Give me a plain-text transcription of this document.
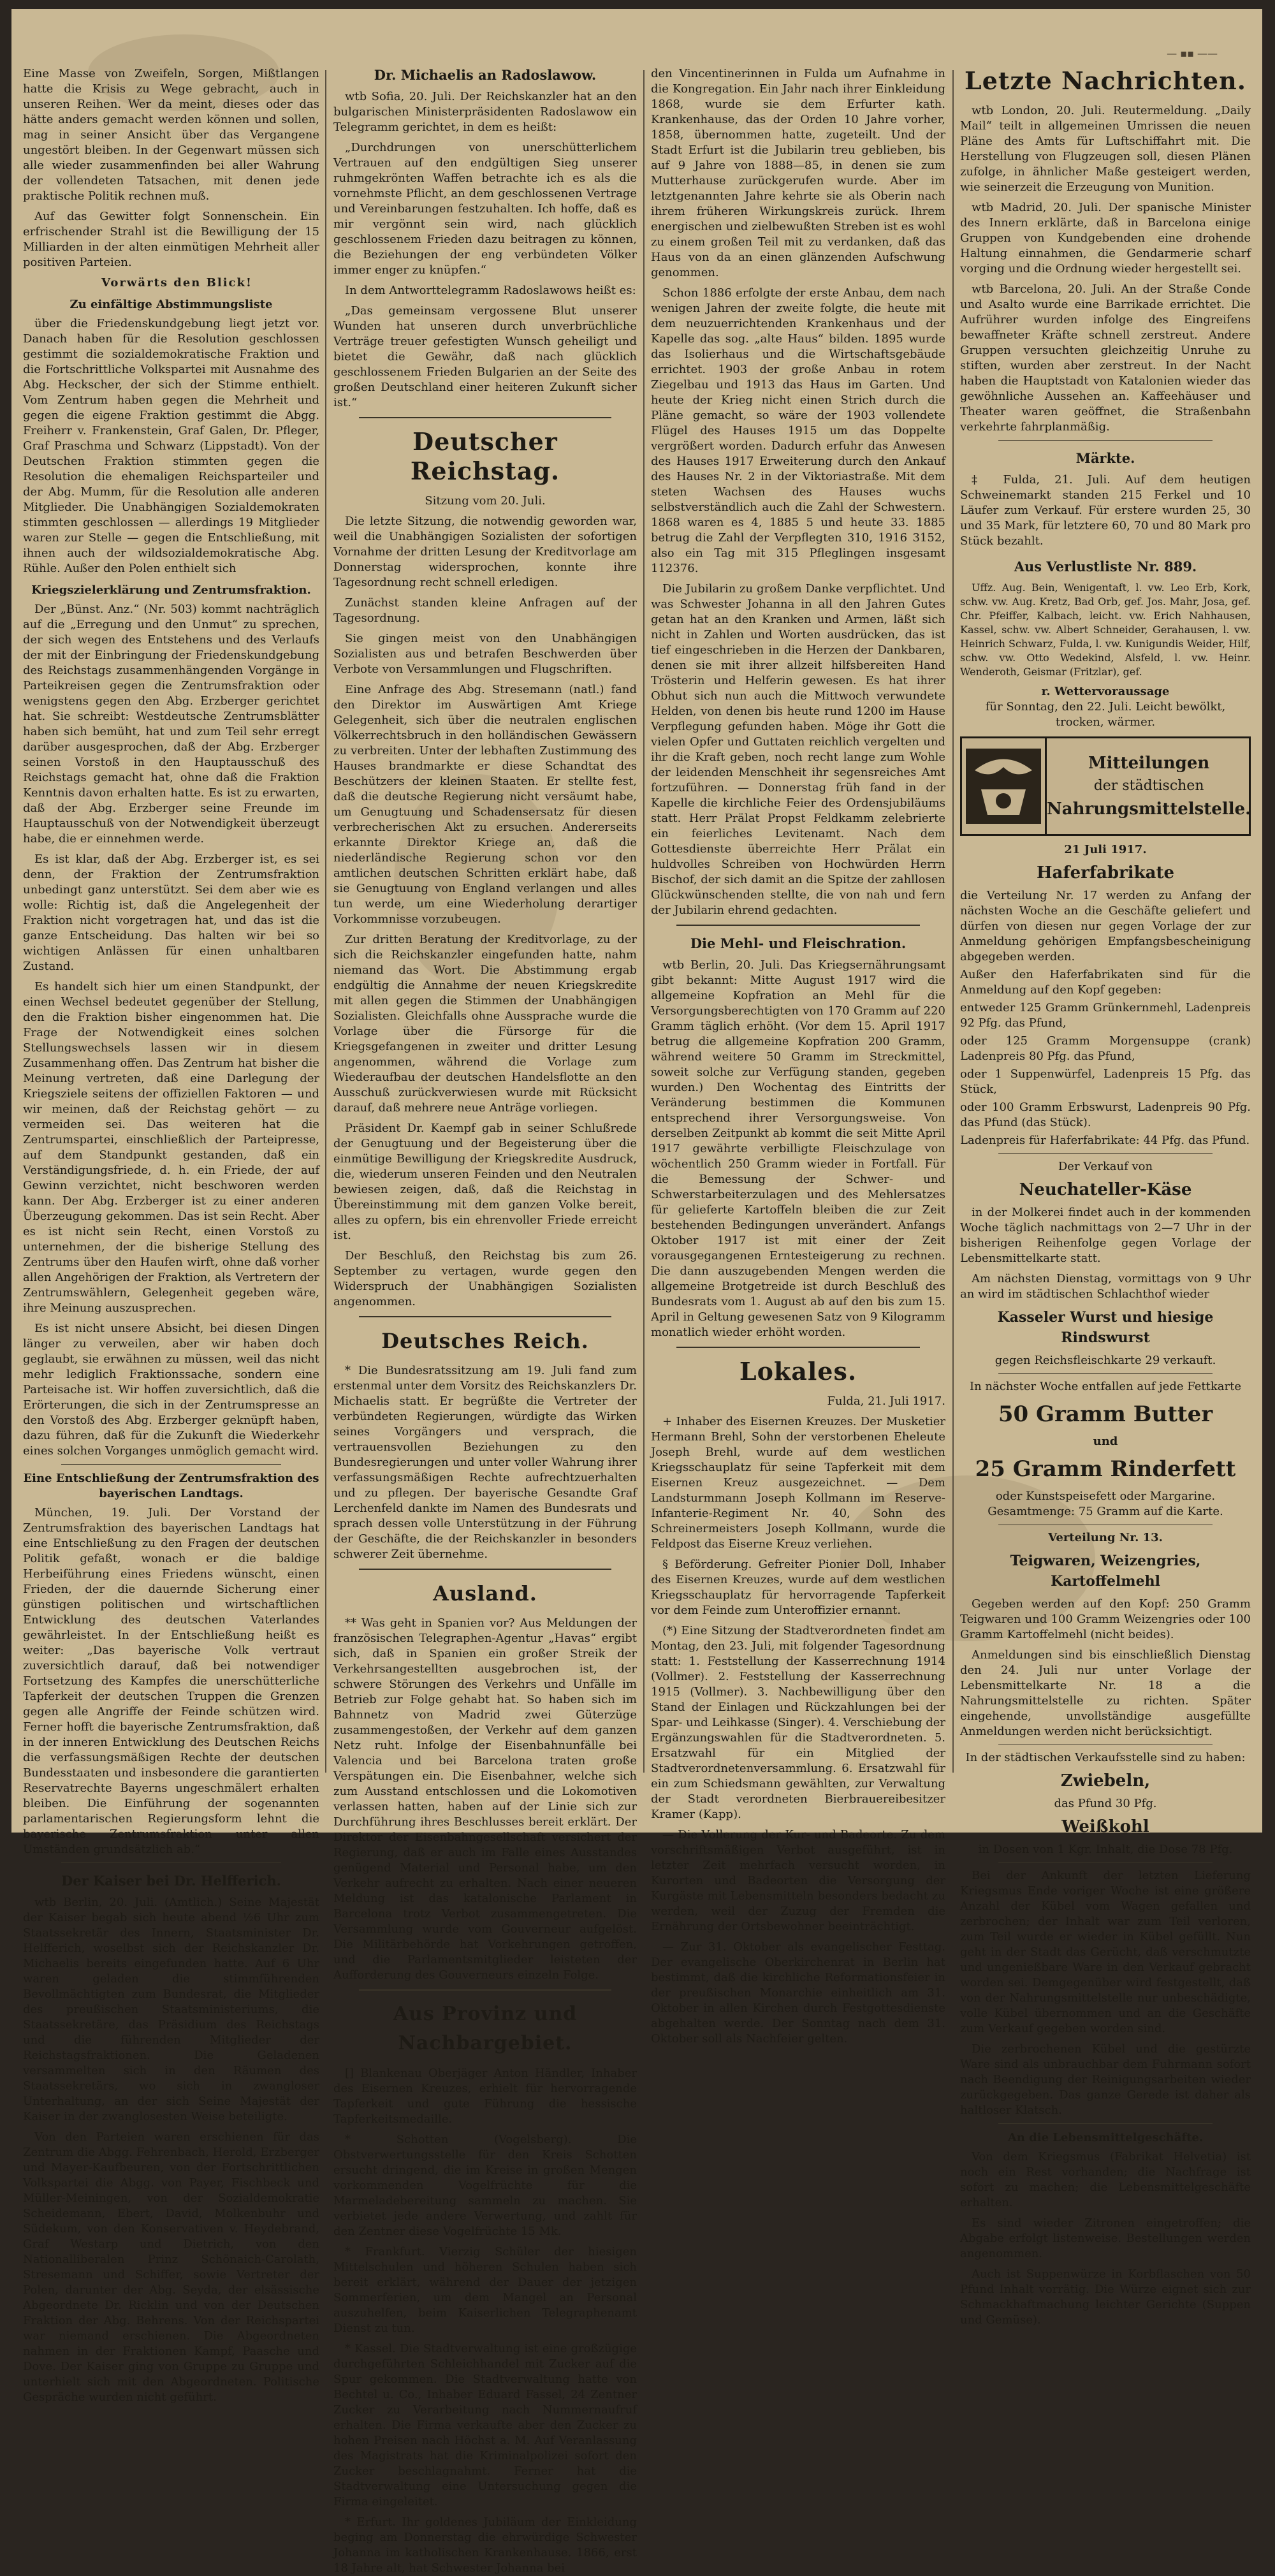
— ▪▪ ——

Eine Masse von Zweifeln, Sorgen, Mißtlangen hatte die Krisis zu Wege gebracht, auch in unseren Reihen. Wer da meint, dieses oder das hätte anders gemacht werden können und sollen, mag in seiner Ansicht über das Vergangene ungestört bleiben. In der Gegenwart müssen sich alle wieder zusammenfinden bei aller Wahrung der vollendeten Tatsachen, mit denen jede praktische Politik rechnen muß.

Auf das Gewitter folgt Sonnenschein. Ein erfrischender Strahl ist die Bewilligung der 15 Milliarden in der alten einmütigen Mehrheit aller positiven Parteien.

Vorwärts den Blick!

Zu einfältige Abstimmungsliste

über die Friedenskundgebung liegt jetzt vor. Danach haben für die Resolution geschlossen gestimmt die sozialdemokratische Fraktion und die Fortschrittliche Volkspartei mit Ausnahme des Abg. Heckscher, der sich der Stimme enthielt. Vom Zentrum haben gegen die Mehrheit und gegen die eigene Fraktion gestimmt die Abgg. Freiherr v. Frankenstein, Graf Galen, Dr. Pfleger, Graf Praschma und Schwarz (Lippstadt). Von der Deutschen Fraktion stimmten gegen die Resolution die ehemaligen Reichsparteiler und der Abg. Mumm, für die Resolution alle anderen Mitglieder. Die Unabhängigen Sozialdemokraten stimmten geschlossen — allerdings 19 Mitglieder waren zur Stelle — gegen die Entschließung, mit ihnen auch der wildsozialdemokratische Abg. Rühle. Außer den Polen enthielt sich

Kriegszielerklärung und Zentrumsfraktion.

Der „Bünst. Anz.“ (Nr. 503) kommt nachträglich auf die „Erregung und den Unmut“ zu sprechen, der sich wegen des Entstehens und des Verlaufs der mit der Einbringung der Friedenskundgebung des Reichstags zusammenhängenden Vorgänge in Parteikreisen gegen die Zentrumsfraktion oder wenigstens gegen den Abg. Erzberger gerichtet hat. Sie schreibt: Westdeutsche Zentrumsblätter haben sich bemüht, hat und zum Teil sehr erregt darüber ausgesprochen, daß der Abg. Erzberger seinen Vorstoß in den Hauptausschuß des Reichstags gemacht hat, ohne daß die Fraktion Kenntnis davon erhalten hatte. Es ist zu erwarten, daß der Abg. Erzberger seine Freunde im Hauptausschuß von der Notwendigkeit überzeugt habe, die er einnehmen werde.

Es ist klar, daß der Abg. Erzberger ist, es sei denn, der Fraktion der Zentrumsfraktion unbedingt ganz unterstützt. Sei dem aber wie es wolle: Richtig ist, daß die Angelegenheit der Fraktion nicht vorgetragen hat, und das ist die ganze Entscheidung. Das halten wir bei so wichtigen Anlässen für einen unhaltbaren Zustand.

Es handelt sich hier um einen Standpunkt, der einen Wechsel bedeutet gegenüber der Stellung, den die Fraktion bisher eingenommen hat. Die Frage der Notwendigkeit eines solchen Stellungswechsels lassen wir in diesem Zusammenhang offen. Das Zentrum hat bisher die Meinung vertreten, daß eine Darlegung der Kriegsziele seitens der offiziellen Faktoren — und wir meinen, daß der Reichstag gehört — zu vermeiden sei. Das weiteren hat die Zentrumspartei, einschließlich der Parteipresse, auf dem Standpunkt gestanden, daß ein Verständigungsfriede, d. h. ein Friede, der auf Gewinn verzichtet, nicht beschworen werden kann. Der Abg. Erzberger ist zu einer anderen Überzeugung gekommen. Das ist sein Recht. Aber es ist nicht sein Recht, einen Vorstoß zu unternehmen, der die bisherige Stellung des Zentrums über den Haufen wirft, ohne daß vorher allen Angehörigen der Fraktion, als Vertretern der Zentrumswählern, Gelegenheit gegeben wäre, ihre Meinung auszusprechen.

Es ist nicht unsere Absicht, bei diesen Dingen länger zu verweilen, aber wir haben doch geglaubt, sie erwähnen zu müssen, weil das nicht mehr lediglich Fraktionssache, sondern eine Parteisache ist. Wir hoffen zuversichtlich, daß die Erörterungen, die sich in der Zentrumspresse an den Vorstoß des Abg. Erzberger geknüpft haben, dazu führen, daß für die Zukunft die Wiederkehr eines solchen Vorganges unmöglich gemacht wird.

Eine Entschließung der Zentrumsfraktion des bayerischen Landtags.

München, 19. Juli. Der Vorstand der Zentrumsfraktion des bayerischen Landtags hat eine Entschließung zu den Fragen der deutschen Politik gefaßt, wonach er die baldige Herbeiführung eines Friedens wünscht, einen Frieden, der die dauernde Sicherung einer günstigen politischen und wirtschaftlichen Entwicklung des deutschen Vaterlandes gewährleistet. In der Entschließung heißt es weiter: „Das bayerische Volk vertraut zuversichtlich darauf, daß bei notwendiger Fortsetzung des Kampfes die unerschütterliche Tapferkeit der deutschen Truppen die Grenzen gegen alle Angriffe der Feinde schützen wird. Ferner hofft die bayerische Zentrumsfraktion, daß in der inneren Entwicklung des Deutschen Reichs die verfassungsmäßigen Rechte der deutschen Bundesstaaten und insbesondere die garantierten Reservatrechte Bayerns ungeschmälert erhalten bleiben. Die Einführung der sogenannten parlamentarischen Regierungsform lehnt die bayerische Zentrumsfraktion unter allen Umständen grundsätzlich ab.“

Der Kaiser bei Dr. Helfferich.

wtb Berlin, 20. Juli. (Amtlich.) Seine Majestät der Kaiser begab sich heute abend ½6 Uhr zum Staatssekretär des Innern, Staatsminister Dr. Helfferich, woselbst sich der Reichskanzler Dr. Michaelis bereits eingefunden hatte. Auf 6 Uhr waren geladen die stimmführenden Bevollmächtigten zum Bundesrat, die Mitglieder des preußischen Staatsministeriums, die Staatssekretäre, das Präsidium des Reichstags und die führenden Mitglieder der Reichstagsfraktionen. Die Geladenen versammelten sich in den Räumen des Staatssekretärs, wo sich in zwangloser Unterhaltung, an der sich Seine Majestät der Kaiser in der zwanglosesten Weise beteiligte.

Von den Parteien waren erschienen für das Zentrum die Abgg. Fehrenbach, Herold, Erzberger und Mayer-Kaufbeuren, von der Fortschrittlichen Volkspartei die Abgg. von Payer, Fischbeck und Müller-Meiningen, von der Sozialdemokratie Scheidemann, Ebert, David, Molkenbuhr und Südekum, von den Konservativen v. Heydebrand, Graf Westarp und Dietrich, von den Nationalliberalen Prinz Schönaich-Carolath, Stresemann und Schiffer, sowie Vertreter der Polen, darunter der Abg. Seyda, der elsässische Abgeordnete Dr. Ricklin und von der Deutschen Fraktion der Abg. Behrens. Von der Reichspartei war niemand erschienen. Die Abgeordneten nahmen in der Fraktionen Kampf, Paasche und Dove. Der Kaiser ging von Gruppe zu Gruppe und unterhielt sich mit den Abgeordneten. Politische Gespräche wurden nicht geführt.

Dr. Michaelis an Radoslawow.

wtb Sofia, 20. Juli. Der Reichskanzler hat an den bulgarischen Ministerpräsidenten Radoslawow ein Telegramm gerichtet, in dem es heißt:

„Durchdrungen von unerschütterlichem Vertrauen auf den endgültigen Sieg unserer ruhmgekrönten Waffen betrachte ich es als die vornehmste Pflicht, an dem geschlossenen Vertrage und Vereinbarungen festzuhalten. Ich hoffe, daß es mir vergönnt sein wird, nach glücklich geschlossenem Frieden dazu beitragen zu können, die Beziehungen der eng verbündeten Völker immer enger zu knüpfen.“

In dem Antworttelegramm Radoslawows heißt es:

„Das gemeinsam vergossene Blut unserer Wunden hat unseren durch unverbrüchliche Verträge treuer gefestigten Wunsch geheiligt und bietet die Gewähr, daß nach glücklich geschlossenem Frieden Bulgarien an der Seite des großen Deutschland einer heiteren Zukunft sicher ist.“

Deutscher Reichstag.
Sitzung vom 20. Juli.

Die letzte Sitzung, die notwendig geworden war, weil die Unabhängigen Sozialisten der sofortigen Vornahme der dritten Lesung der Kreditvorlage am Donnerstag widersprochen, konnte ihre Tagesordnung recht schnell erledigen.

Zunächst standen kleine Anfragen auf der Tagesordnung.

Sie gingen meist von den Unabhängigen Sozialisten aus und betrafen Beschwerden über Verbote von Versammlungen und Flugschriften.

Eine Anfrage des Abg. Stresemann (natl.) fand den Direktor im Auswärtigen Amt Kriege Gelegenheit, sich über die neutralen englischen Völkerrechtsbruch in den holländischen Gewässern zu verbreiten. Unter der lebhaften Zustimmung des Hauses brandmarkte er diese Schandtat des Beschützers der kleinen Staaten. Er stellte fest, daß die deutsche Regierung nicht versäumt habe, um Genugtuung und Schadensersatz für diesen verbrecherischen Akt zu ersuchen. Andererseits erkannte Direktor Kriege an, daß die niederländische Regierung schon vor den amtlichen deutschen Schritten erklärt habe, daß sie Genugtuung von England verlangen und alles tun werde, um eine Wiederholung derartiger Vorkommnisse vorzubeugen.

Zur dritten Beratung der Kreditvorlage, zu der sich die Reichskanzler eingefunden hatte, nahm niemand das Wort. Die Abstimmung ergab endgültig die Annahme der neuen Kriegskredite mit allen gegen die Stimmen der Unabhängigen Sozialisten. Gleichfalls ohne Aussprache wurde die Vorlage über die Fürsorge für die Kriegsgefangenen in zweiter und dritter Lesung angenommen, während die Vorlage zum Wiederaufbau der deutschen Handelsflotte an den Ausschuß zurückverwiesen wurde mit Rücksicht darauf, daß mehrere neue Anträge vorliegen.

Präsident Dr. Kaempf gab in seiner Schlußrede der Genugtuung und der Begeisterung über die einmütige Bewilligung der Kriegskredite Ausdruck, die, wiederum unseren Feinden und den Neutralen bewiesen zeigen, daß, daß die Reichstag in Übereinstimmung mit dem ganzen Volke bereit, alles zu opfern, bis ein ehrenvoller Friede erreicht ist.

Der Beschluß, den Reichstag bis zum 26. September zu vertagen, wurde gegen den Widerspruch der Unabhängigen Sozialisten angenommen.

Deutsches Reich.

* Die Bundesratssitzung am 19. Juli fand zum erstenmal unter dem Vorsitz des Reichskanzlers Dr. Michaelis statt. Er begrüßte die Vertreter der verbündeten Regierungen, würdigte das Wirken seines Vorgängers und versprach, die vertrauensvollen Beziehungen zu den Bundesregierungen und unter voller Wahrung ihrer verfassungsmäßigen Rechte aufrechtzuerhalten und zu pflegen. Der bayerische Gesandte Graf Lerchenfeld dankte im Namen des Bundesrats und sprach dessen volle Unterstützung in der Führung der Geschäfte, die der Reichskanzler in besonders schwerer Zeit übernehme.

Ausland.

** Was geht in Spanien vor? Aus Meldungen der französischen Telegraphen-Agentur „Havas“ ergibt sich, daß in Spanien ein großer Streik der Verkehrsangestellten ausgebrochen ist, der schwere Störungen des Verkehrs und Unfälle im Betrieb zur Folge gehabt hat. So haben sich im Bahnnetz von Madrid zwei Güterzüge zusammengestoßen, der Verkehr auf dem ganzen Netz ruht. Infolge der Eisenbahnunfälle bei Valencia und bei Barcelona traten große Verspätungen ein. Die Eisenbahner, welche sich zum Ausstand entschlossen und die Lokomotiven verlassen hatten, haben auf der Linie sich zur Durchführung ihres Beschlusses bereit erklärt. Der Direktor der Eisenbahngesellschaft versichert der Regierung, daß er auch im Falle eines Ausstandes genügend Material und Personal habe, um den Verkehr aufrecht zu erhalten. Nach einer neueren Meldung ist das katalonische Parlament in Barcelona trotz Verbot zusammengetreten. Die Versammlung wurde vom Gouverneur aufgelöst. Die Militärbehörde hat Vorkehrungen getroffen, und die Parlamentsmitglieder leisteten der Aufforderung des Gouverneurs einzeln Folge.

Aus Provinz und Nachbargebiet.

[] Blankenau Oberjäger Anton Händler, Inhaber des Eisernen Kreuzes, erhielt für hervorragende Tapferkeit und gute Führung die hessische Tapferkeitsmedaille.

* Schotten (Vogelsberg). Die Obstverwertungsstelle für den Kreis Schotten ersucht dringend, die im Kreise in großen Mengen vorkommenden Vogelfrüchte für die Marmeladebereitung sammeln zu machen. Sie verbietet jede andere Verwertung, und zahlt für den Zentner diese Vogelfrüchte 15 Mk.

* Frankfurt. Vierzig Schüler der hiesigen Mittelschulen und höheren Schulen haben sich bereit erklärt, während der Dauer der jetzigen Sommerferien, um dem Mangel an Personal auszuhelfen, beim Kaiserlichen Telegraphenamt Dienst zu tun.

* Kassel. Die Stadtverwaltung ist eine großzügige durchgeführten Schleichhandel mit Zucker auf die Spur gekommen. Die Stadtverwaltung hatte von Bechtel u. Co., Inhaber Eduard Fassel, 24 Zentner Zucker zu Verarbeitung nach Nummernaufruf erhalten. Die Firma verkaufte aber den Zucker zu hohen Preisen nach Höchst a. M. Auf Veranlassung des Magistrats hat die Kriminalpolizei sofort den Zucker beschlagnahmt. Ferner hat die Stadtverwaltung eine Untersuchung gegen die Firma eingeleitet.

* Erfurt. Ihr goldenes Jubiläum der Einkleidung beging am Donnerstag die ehrwürdige Schwester Johanna im katholischen Krankenhause. 1866, erst 18 Jahre alt, hat Schwester Johanna bei

den Vincentinerinnen in Fulda um Aufnahme in die Kongregation. Ein Jahr nach ihrer Einkleidung 1868, wurde sie dem Erfurter kath. Krankenhause, das der Orden 10 Jahre vorher, 1858, übernommen hatte, zugeteilt. Und der Stadt Erfurt ist die Jubilarin treu geblieben, bis auf 9 Jahre von 1888—85, in denen sie zum Mutterhause zurückgerufen wurde. Aber im letztgenannten Jahre kehrte sie als Oberin nach ihrem früheren Wirkungskreis zurück. Ihrem energischen und zielbewußten Streben ist es wohl zu einem großen Teil mit zu verdanken, daß das Haus von da an einen glänzenden Aufschwung genommen.

Schon 1886 erfolgte der erste Anbau, dem nach wenigen Jahren der zweite folgte, die heute mit dem neuzuerrichtenden Krankenhaus und der Kapelle das sog. „alte Haus“ bilden. 1895 wurde das Isolierhaus und die Wirtschaftsgebäude errichtet. 1903 der große Anbau in rotem Ziegelbau und 1913 das Haus im Garten. Und heute der Krieg nicht einen Strich durch die Pläne gemacht, so wäre der 1903 vollendete Flügel des Hauses 1915 um das Doppelte vergrößert worden. Dadurch erfuhr das Anwesen des Hauses 1917 Erweiterung durch den Ankauf des Hauses Nr. 2 in der Viktoriastraße. Mit dem steten Wachsen des Hauses wuchs selbstverständlich auch die Zahl der Schwestern. 1868 waren es 4, 1885 5 und heute 33. 1885 betrug die Zahl der Verpflegten 310, 1916 3152, also ein Tag mit 315 Pfleglingen insgesamt 112376.

Die Jubilarin zu großem Danke verpflichtet. Und was Schwester Johanna in all den Jahren Gutes getan hat an den Kranken und Armen, läßt sich nicht in Zahlen und Worten ausdrücken, das ist tief eingeschrieben in die Herzen der Dankbaren, denen sie mit ihrer allzeit hilfsbereiten Hand Trösterin und Helferin gewesen. Es hat ihrer Obhut sich nun auch die Mittwoch verwundete Helden, von denen bis heute rund 1200 im Hause Verpflegung gefunden haben. Möge ihr Gott die vielen Opfer und Guttaten reichlich vergelten und ihr die Kraft geben, noch recht lange zum Wohle der leidenden Menschheit ihr segensreiches Amt fortzuführen. — Donnerstag früh fand in der Kapelle die kirchliche Feier des Ordensjubiläums statt. Herr Prälat Propst Feldkamm zelebrierte ein feierliches Levitenamt. Nach dem Gottesdienste überreichte Herr Prälat ein huldvolles Schreiben von Hochwürden Herrn Bischof, der sich damit an die Spitze der zahllosen Glückwünschenden stellte, die von nah und fern der Jubilarin ehrend gedachten.

Die Mehl- und Fleischration.

wtb Berlin, 20. Juli. Das Kriegsernährungsamt gibt bekannt: Mitte August 1917 wird die allgemeine Kopfration an Mehl für die Versorgungsberechtigten von 170 Gramm auf 220 Gramm täglich erhöht. (Vor dem 15. April 1917 betrug die allgemeine Kopfration 200 Gramm, während weitere 50 Gramm im Streckmittel, soweit solche zur Verfügung standen, gegeben wurden.) Den Wochentag des Eintritts der Veränderung bestimmen die Kommunen entsprechend ihrer Versorgungsweise. Von derselben Zeitpunkt ab kommt die seit Mitte April 1917 gewährte verbilligte Fleischzulage von wöchentlich 250 Gramm wieder in Fortfall. Für die Bemessung der Schwer- und Schwerstarbeiterzulagen und des Mehlersatzes für gelieferte Kartoffeln bleiben die zur Zeit bestehenden Bedingungen unverändert. Anfangs Oktober 1917 ist mit einer der Zeit vorausgegangenen Erntesteigerung zu rechnen. Die dann auszugebenden Mengen werden die allgemeine Brotgetreide ist durch Beschluß des Bundesrats vom 1. August ab auf den bis zum 15. April in Geltung gewesenen Satz von 9 Kilogramm monatlich wieder erhöht worden.

Lokales.
Fulda, 21. Juli 1917.

+ Inhaber des Eisernen Kreuzes. Der Musketier Hermann Brehl, Sohn der verstorbenen Eheleute Joseph Brehl, wurde auf dem westlichen Kriegsschauplatz für seine Tapferkeit mit dem Eisernen Kreuz ausgezeichnet. — Dem Landsturmmann Joseph Kollmann im Reserve-Infanterie-Regiment Nr. 40, Sohn des Schreinermeisters Joseph Kollmann, wurde die Feldpost das Eiserne Kreuz verliehen.

§ Beförderung. Gefreiter Pionier Doll, Inhaber des Eisernen Kreuzes, wurde auf dem westlichen Kriegsschauplatz für hervorragende Tapferkeit vor dem Feinde zum Unteroffizier ernannt.

(*) Eine Sitzung der Stadtverordneten findet am Montag, den 23. Juli, mit folgender Tagesordnung statt: 1. Feststellung der Kasserrechnung 1914 (Vollmer). 2. Feststellung der Kasserrechnung 1915 (Vollmer). 3. Nachbewilligung über den Stand der Einlagen und Rückzahlungen bei der Spar- und Leihkasse (Singer). 4. Verschiebung der Ergänzungswahlen für die Stadtverordneten. 5. Ersatzwahl für ein Mitglied der Stadtverordnetenversammlung. 6. Ersatzwahl für ein zum Schiedsmann gewählten, zur Verwaltung der Stadt verordneten Bierbrauereibesitzer Kramer (Kapp).

— Die Vollerung der Kur- und Badeorte. Zu dem vorschriftsmäßigen Verbot ausgeführt, ist in letzter Zeit mehrfach versucht worden, in Kurorten und Badeorten die Versorgung der Kurgäste mit Lebensmitteln besonders bedacht zu werden, weil der Zuzug der Fremden die Ernährung der Ortsbewohner beeinträchtigt.

— Zur 31. Oktober als evangelischer Festtag. Der evangelische Oberkirchenrat in Berlin hat bestimmt, daß die kirchliche Reformationsfeier in der preußischen Monarchie einheitlich am 31. Oktober in allen Kirchen durch Festgottesdienste abgehalten werde. Der Sonntag nach dem 31. Oktober soll als Nachfeier gelten.

Letzte Nachrichten.

wtb London, 20. Juli. Reutermeldung. „Daily Mail“ teilt in allgemeinen Umrissen die neuen Pläne des Amts für Luftschiffahrt mit. Die Herstellung von Flugzeugen soll, diesen Plänen zufolge, in ähnlicher Maße gesteigert werden, wie seinerzeit die Erzeugung von Munition.

wtb Madrid, 20. Juli. Der spanische Minister des Innern erklärte, daß in Barcelona einige Gruppen von Kundgebenden eine drohende Haltung einnahmen, die Gendarmerie scharf vorging und die Ordnung wieder hergestellt sei.

wtb Barcelona, 20. Juli. An der Straße Conde und Asalto wurde eine Barrikade errichtet. Die Aufrührer wurden infolge des Eingreifens bewaffneter Kräfte schnell zerstreut. Andere Gruppen versuchten gleichzeitig Unruhe zu stiften, wurden aber zerstreut. In der Nacht haben die Hauptstadt von Katalonien wieder das gewöhnliche Aussehen an. Kaffeehäuser und Theater waren geöffnet, die Straßenbahn verkehrte fahrplanmäßig.

Märkte.

‡ Fulda, 21. Juli. Auf dem heutigen Schweinemarkt standen 215 Ferkel und 10 Läufer zum Verkauf. Für erstere wurden 25, 30 und 35 Mark, für letztere 60, 70 und 80 Mark pro Stück bezahlt.

Aus Verlustliste Nr. 889.

Uffz. Aug. Bein, Wenigentaft, l. vw. Leo Erb, Kork, schw. vw. Aug. Kretz, Bad Orb, gef. Jos. Mahr, Josa, gef. Chr. Pfeiffer, Kalbach, leicht. vw. Erich Nahhausen, Kassel, schw. vw. Albert Schneider, Gerahausen, l. vw. Heinrich Schwarz, Fulda, l. vw. Kunigundis Weider, Hilf, schw. vw. Otto Wedekind, Alsfeld, l. vw. Heinr. Wenderoth, Geismar (Fritzlar), gef.

r. Wettervoraussage
für Sonntag, den 22. Juli. Leicht bewölkt, trocken, wärmer.
Mitteilungen
der städtischen
Nahrungsmittelstelle.
21 Juli 1917.
Haferfabrikate

die Verteilung Nr. 17 werden zu Anfang der nächsten Woche an die Geschäfte geliefert und dürfen von diesen nur gegen Vorlage der zur Anmeldung gehörigen Empfangsbescheinigung abgegeben werden.

Außer den Haferfabrikaten sind für die Anmeldung auf den Kopf gegeben:

entweder 125 Gramm Grünkernmehl, Ladenpreis 92 Pfg. das Pfund,

oder 125 Gramm Morgensuppe (crank) Ladenpreis 80 Pfg. das Pfund,

oder 1 Suppenwürfel, Ladenpreis 15 Pfg. das Stück,

oder 100 Gramm Erbswurst, Ladenpreis 90 Pfg. das Pfund (das Stück).

Ladenpreis für Haferfabrikate: 44 Pfg. das Pfund.

Der Verkauf von

Neuchateller-Käse

in der Molkerei findet auch in der kommenden Woche täglich nachmittags von 2—7 Uhr in der bisherigen Reihenfolge gegen Vorlage der Lebensmittelkarte statt.

Am nächsten Dienstag, vormittags von 9 Uhr an wird im städtischen Schlachthof wieder

Kasseler Wurst und hiesige Rindswurst

gegen Reichsfleischkarte 29 verkauft.

In nächster Woche entfallen auf jede Fettkarte

50 Gramm Butter
und
25 Gramm Rinderfett

oder Kunstspeisefett oder Margarine. Gesamtmenge: 75 Gramm auf die Karte.

Verteilung Nr. 13.
Teigwaren, Weizengries, Kartoffelmehl

Gegeben werden auf den Kopf: 250 Gramm Teigwaren und 100 Gramm Weizengries oder 100 Gramm Kartoffelmehl (nicht beides).

Anmeldungen sind bis einschließlich Dienstag den 24. Juli nur unter Vorlage der Lebensmittelkarte Nr. 18 a die Nahrungsmittelstelle zu richten. Später eingehende, unvollständige ausgefüllte Anmeldungen werden nicht berücksichtigt.

In der städtischen Verkaufsstelle sind zu haben:

Zwiebeln,

das Pfund 30 Pfg.

Weißkohl

in Dosen von 1 Kgr. Inhalt, die Dose 78 Pfg.

Bei der Ankunft der letzten Lieferung Kriegsmus Ende voriger Woche ist eine größere Anzahl der Kübel vom Wagen gefallen und zerbrochen; der Inhalt war zum Teil verloren, zum Teil wurde er wieder in Kübel gefüllt. Nun geht in der Stadt das Gerücht, daß verschmutzte und ungenießbare Ware in den Verkauf gebracht worden sei. Demgegenüber wird festgestellt, daß von der Nahrungsmittelstelle nur unbeschädigte, volle Kübel übernommen und an die Geschäfte zum Verkauf gegeben worden sind.

Die zerbrochenen Kübel und die gestürzte Ware sind als unbrauchbar dem Fuhrmann sofort nach Beendigung der Reinigungsarbeiten wieder zurückgegeben. Das ganze Gerede ist daher als haltloser Klatsch.

An die Lebensmittelgeschäfte.

Von dem Kriegsmus (Fabrikat Helvetia) ist noch ein Rest vorhanden; die Nachfrage ist sofort zu machen; die Lebensmittelgeschäfte erhalten.

Es sind wieder Zitronen eingetroffen; die Abgabe erfolgt listenweise. Bestellungen werden angenommen.

Auch ist Suppenwürze in Korbflaschen von 50 Pfund Inhalt vorrätig. Die Würze eignet sich zur Schmackhaftmachung leichter Gerichte (Suppen und Gemüse).
